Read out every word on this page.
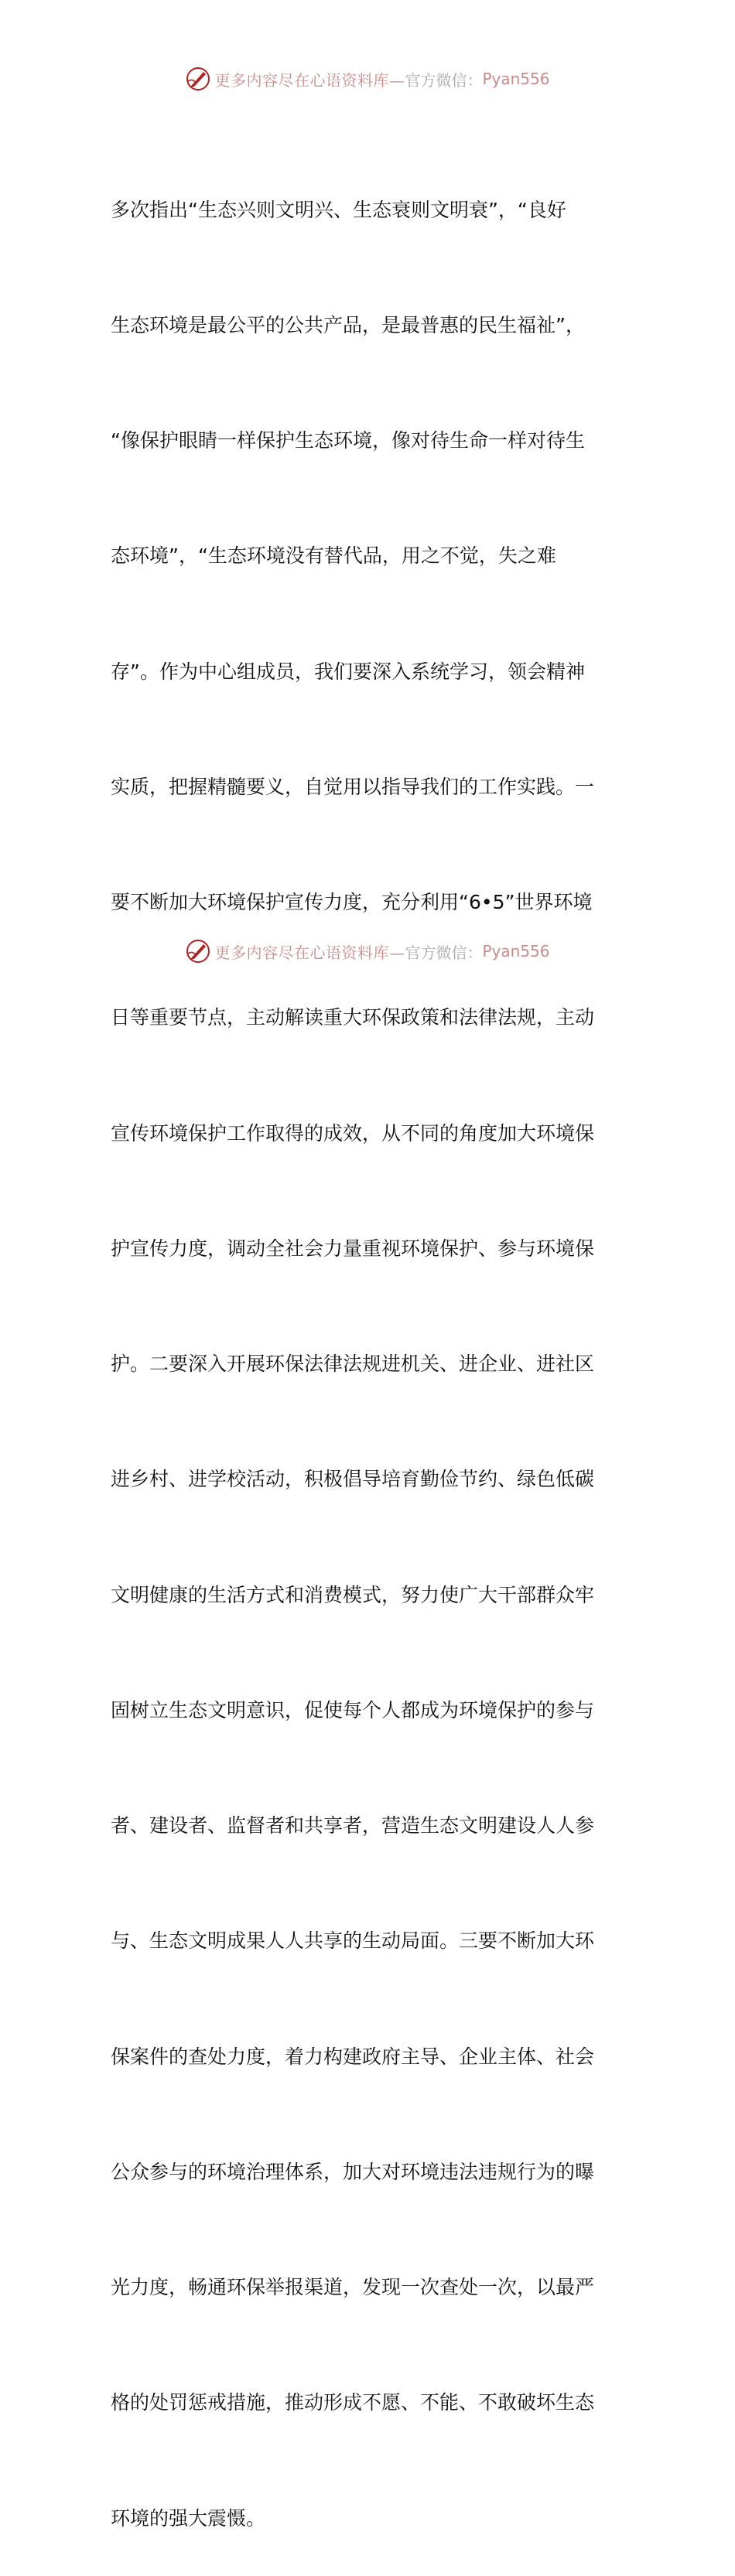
更多内容尽在心语资料库— 官方微信： Pyan556

多次指出“生态兴则文明兴、生态衰则文明衰”，“良好

生态环境是最公平的公共产品，是最普惠的民生福祉”，

“像保护眼睛一样保护生态环境，像对待生命一样对待生

态环境”，“生态环境没有替代品，用之不觉，失之难

存”。作为中心组成员，我们要深入系统学习，领会精神

实质，把握精髓要义，自觉用以指导我们的工作实践。一

要不断加大环境保护宣传力度，充分利用“6•5”世界环境

日等重要节点，主动解读重大环保政策和法律法规，主动

宣传环境保护工作取得的成效，从不同的角度加大环境保

护宣传力度，调动全社会力量重视环境保护、参与环境保

护。二要深入开展环保法律法规进机关、进企业、进社区

进乡村、进学校活动，积极倡导培育勤俭节约、绿色低碳

文明健康的生活方式和消费模式，努力使广大干部群众牢

固树立生态文明意识，促使每个人都成为环境保护的参与

者、建设者、监督者和共享者，营造生态文明建设人人参

与、生态文明成果人人共享的生动局面。三要不断加大环

保案件的查处力度，着力构建政府主导、企业主体、社会

公众参与的环境治理体系，加大对环境违法违规行为的曝

光力度，畅通环保举报渠道，发现一次查处一次，以最严

格的处罚惩戒措施，推动形成不愿、不能、不敢破坏生态

环境的强大震慑。

更多内容尽在心语资料库— 官方微信： Pyan556
